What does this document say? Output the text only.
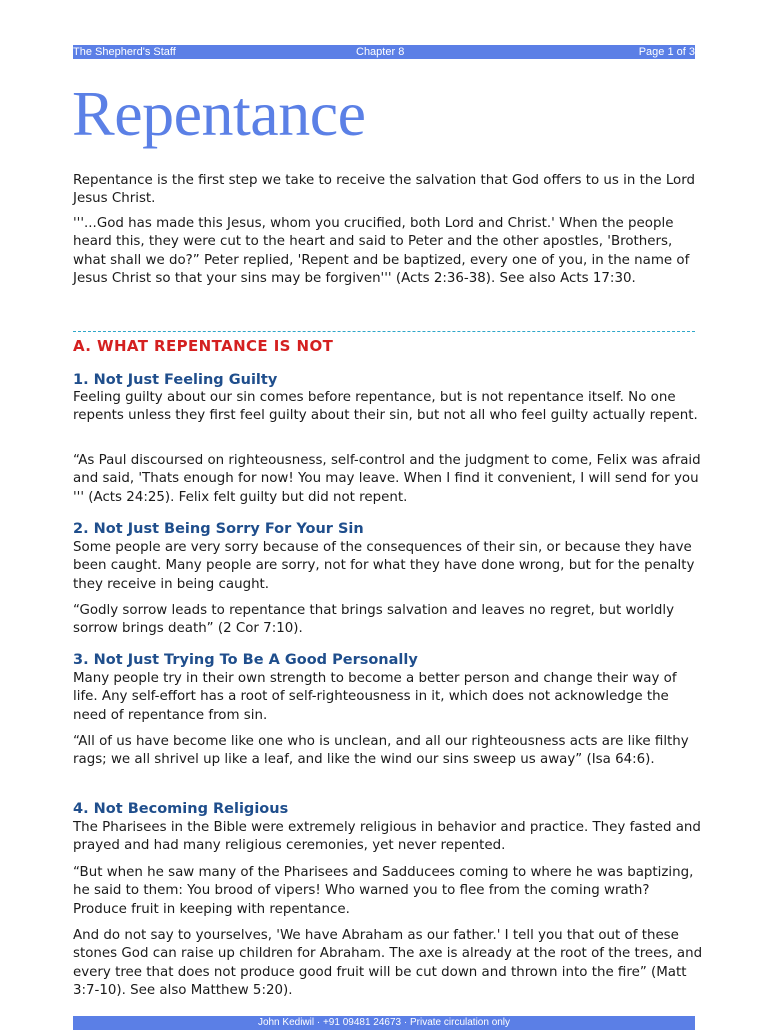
The Shepherd's Staff	Chapter 8	Page 1 of 3
Repentance

Repentance is the first step we take to receive the salvation that God offers to us in the Lord Jesus Christ.

'''...God has made this Jesus, whom you crucified, both Lord and Christ.' When the people heard this, they were cut to the heart and said to Peter and the other apostles, 'Brothers, what shall we do?” Peter replied, 'Repent and be baptized, every one of you, in the name of Jesus Christ so that your sins may be forgiven''' (Acts 2:36-38). See also Acts 17:30.

A. WHAT REPENTANCE IS NOT
1. Not Just Feeling Guilty

Feeling guilty about our sin comes before repentance, but is not repentance itself. No one repents unless they first feel guilty about their sin, but not all who feel guilty actually repent.

“As Paul discoursed on righteousness, self-control and the judgment to come, Felix was afraid and said, 'Thats enough for now! You may leave. When I find it convenient, I will send for you ''' (Acts 24:25). Felix felt guilty but did not repent.

2. Not Just Being Sorry For Your Sin

Some people are very sorry because of the consequences of their sin, or because they have been caught. Many people are sorry, not for what they have done wrong, but for the penalty they receive in being caught.

“Godly sorrow leads to repentance that brings salvation and leaves no regret, but worldly sorrow brings death” (2 Cor 7:10).

3. Not Just Trying To Be A Good Personally

Many people try in their own strength to become a better person and change their way of life. Any self-effort has a root of self-righteousness in it, which does not acknowledge the need of repentance from sin.

“All of us have become like one who is unclean, and all our righteousness acts are like filthy rags; we all shrivel up like a leaf, and like the wind our sins sweep us away” (Isa 64:6).

4. Not Becoming Religious

The Pharisees in the Bible were extremely religious in behavior and practice. They fasted and prayed and had many religious ceremonies, yet never repented.

“But when he saw many of the Pharisees and Sadducees coming to where he was baptizing, he said to them: You brood of vipers! Who warned you to flee from the coming wrath? Produce fruit in keeping with repentance.

And do not say to yourselves, 'We have Abraham as our father.' I tell you that out of these stones God can raise up children for Abraham. The axe is already at the root of the trees, and every tree that does not produce good fruit will be cut down and thrown into the fire” (Matt 3:7-10). See also Matthew 5:20).

John Kediwil · +91 09481 24673 · Private circulation only
